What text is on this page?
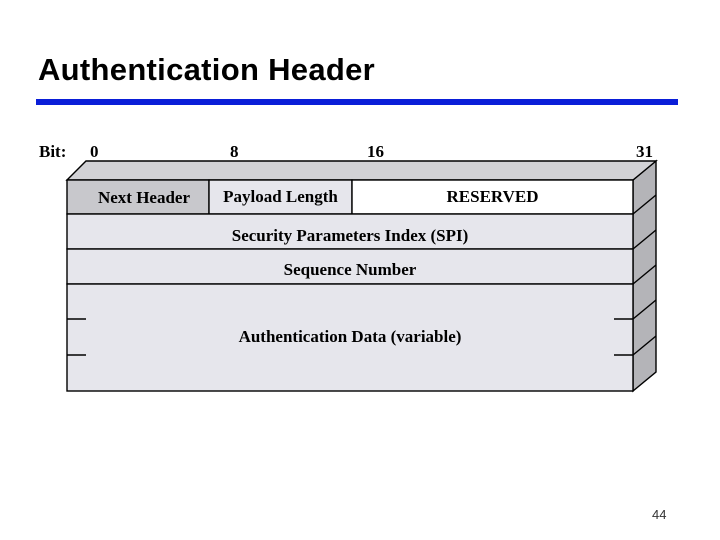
Authentication Header
Bit: 0	8	16	31
Next Header	Payload Length	RESERVED
Security Parameters Index (SPI)
Sequence Number
Authentication Data (variable)
44
